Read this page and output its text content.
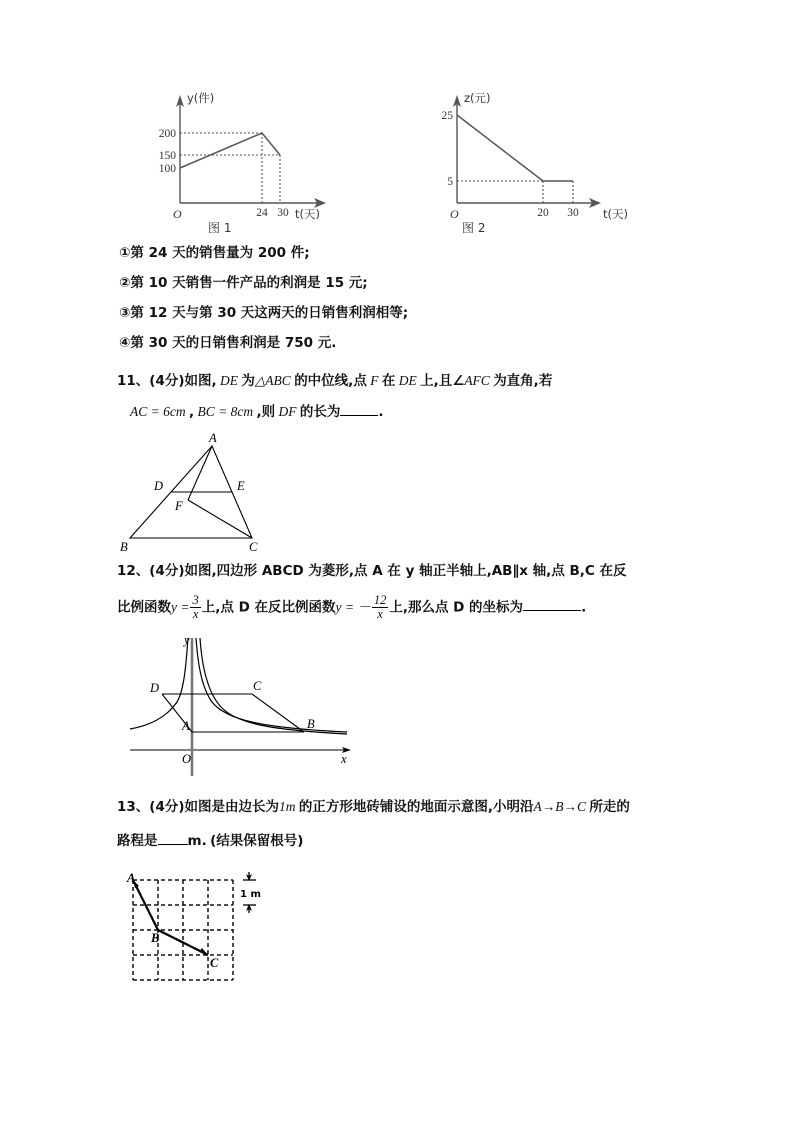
200
150
100
24 30
O
y(件)
t(天)
图 1
25
5
20 30
O
z(元)
t(天)
图 2
①第 24 天的销售量为 200 件;
②第 10 天销售一件产品的利润是 15 元;
③第 12 天与第 30 天这两天的日销售利润相等;
④第 30 天的日销售利润是 750 元.
11、(4分)如图, DE 为△ABC 的中位线,点 F 在 DE 上,且∠AFC 为直角,若
AC = 6cm , BC = 8cm ,则 DF 的长为	.
A
D	E
F
B	C
12、(4分)如图,四边形 ABCD 为菱形,点 A 在 y 轴正半轴上,AB∥x 轴,点 B,C 在反
比例函数$y = \frac{3}{x}$ 上,点 D 在反比例函数y = － $\frac{12}{x}$ 上,那么点 D 的坐标为	.
D	C
A	B
O	x
y
13、(4分)如图是由边长为1m 的正方形地砖铺设的地面示意图,小明沿A→B→C 所走的
路程是 m. (结果保留根号)
A
B
C
1 m
